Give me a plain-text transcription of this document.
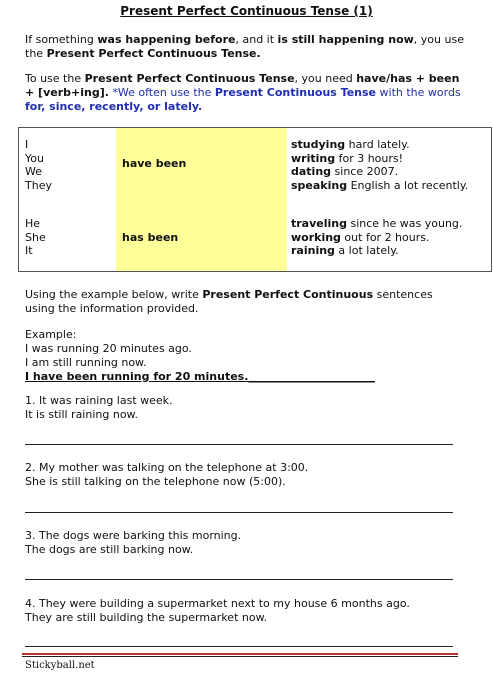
Present Perfect Continuous Tense (1)
If something was happening before, and it is still happening now, you use the Present Perfect Continuous Tense.
To use the Present Perfect Continuous Tense, you need have/has + been + [verb+ing]. *We often use the Present Continuous Tense with the words for, since, recently, or lately.
I
You
We
They
have been
studying hard lately.
writing for 3 hours!
dating since 2007.
speaking English a lot recently.
He
She
It
has been
traveling since he was young.
working out for 2 hours.
raining a lot lately.
Using the example below, write Present Perfect Continuous sentences using the information provided.
Example:
I was running 20 minutes ago.
I am still running now.
I have been running for 20 minutes._______________________
1. It was raining last week.
It is still raining now.
2. My mother was talking on the telephone at 3:00.
She is still talking on the telephone now (5:00).
3. The dogs were barking this morning.
The dogs are still barking now.
4. They were building a supermarket next to my house 6 months ago.
They are still building the supermarket now.
Stickyball.net
